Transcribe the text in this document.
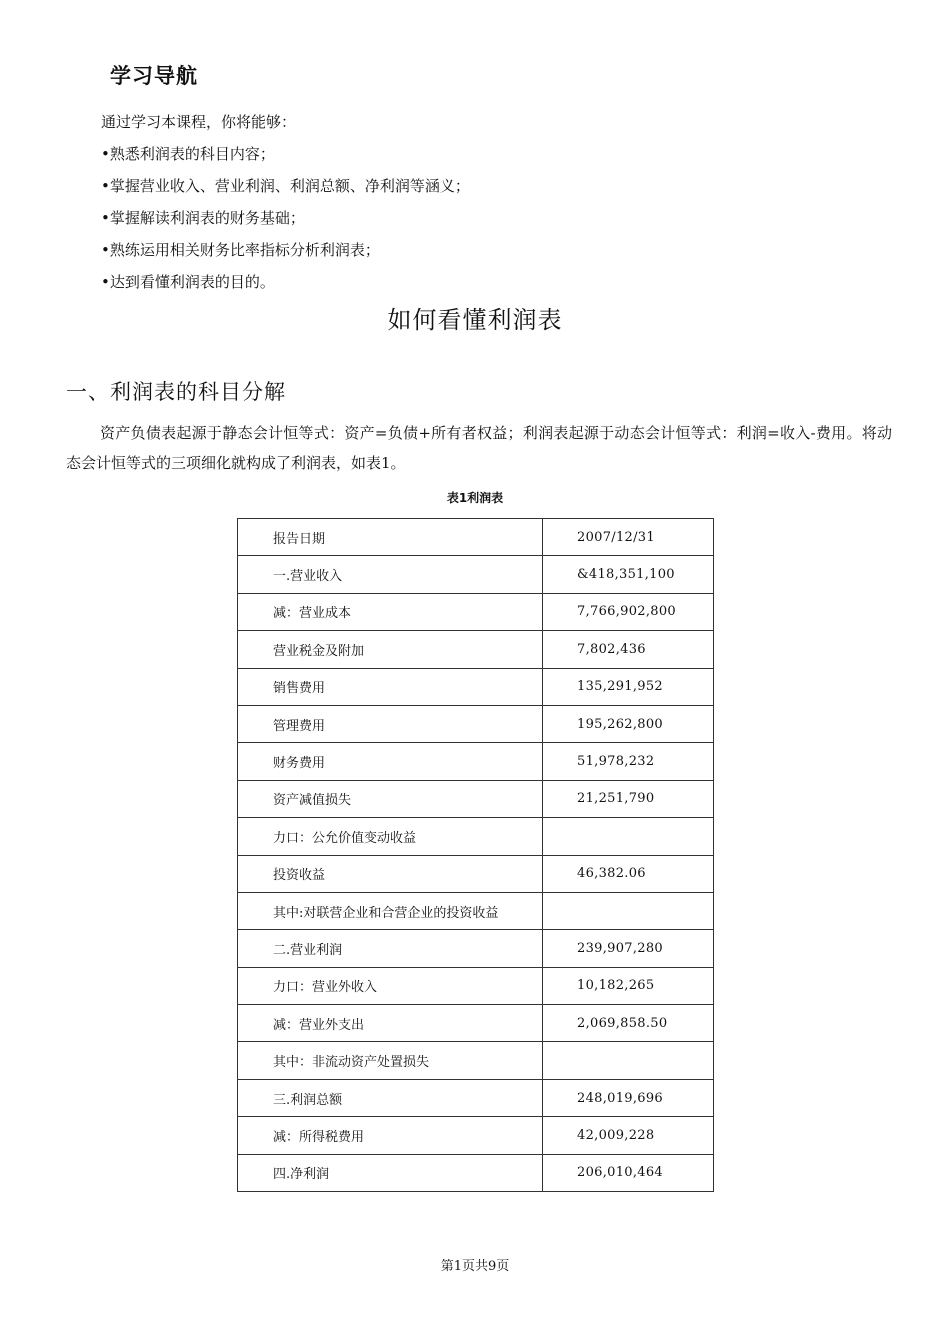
学习导航
通过学习本课程，你将能够：
•熟悉利润表的科目内容；
•掌握营业收入、营业利润、利润总额、净利润等涵义；
•掌握解读利润表的财务基础；
•熟练运用相关财务比率指标分析利润表；
•达到看懂利润表的目的。
如何看懂利润表
一、利润表的科目分解
资产负债表起源于静态会计恒等式：资产=负债+所有者权益；利润表起源于动态会计恒等式：利润=收入-费用。将动态会计恒等式的三项细化就构成了利润表，如表1。
表1利润表
报告日期	2007/12/31
一.营业收入	&418,351,100
减：营业成本	7,766,902,800
营业税金及附加	7,802,436
销售费用	135,291,952
管理费用	195,262,800
财务费用	51,978,232
资产减值损失	21,251,790
力口：公允价值变动收益	
投资收益	46,382.06
其中:对联营企业和合营企业的投资收益	
二.营业利润	239,907,280
力口：营业外收入	10,182,265
减：营业外支出	2,069,858.50
其中：非流动资产处置损失	
三.利润总额	248,019,696
减：所得税费用	42,009,228
四.净利润	206,010,464
第1页共9页
